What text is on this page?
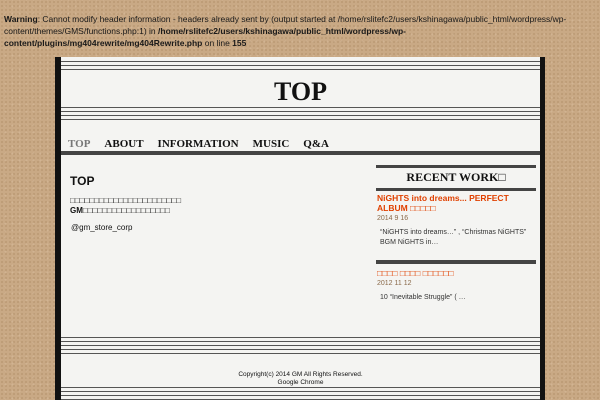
Warning: Cannot modify header information - headers already sent by (output started at /home/rslitefc2/users/kshinagawa/public_html/wordpress/wp-content/themes/GMS/functions.php:1) in /home/rslitefc2/users/kshinagawa/public_html/wordpress/wp-content/plugins/mg404rewrite/mg404Rewrite.php on line 155
TOP
TOP	ABOUT	INFORMATION	MUSIC	Q&A
TOP
□□□□□□□□□□□□□□□□□□□□□□□ GM□□□□□□□□□□□□□□□□□□
@gm_store_corp
RECENT WORK□
NiGHTS into dreams... PERFECT ALBUM □□□□□
2014 9 16
“NiGHTS into dreams…” , “Christmas NiGHTS” BGM NiGHTS in…
□□□□ □□□□ □□□□□□
2012 11 12
10 “Inevitable Struggle” ( …
Copyright(c) 2014 GM All Rights Reserved.
Google Chrome
